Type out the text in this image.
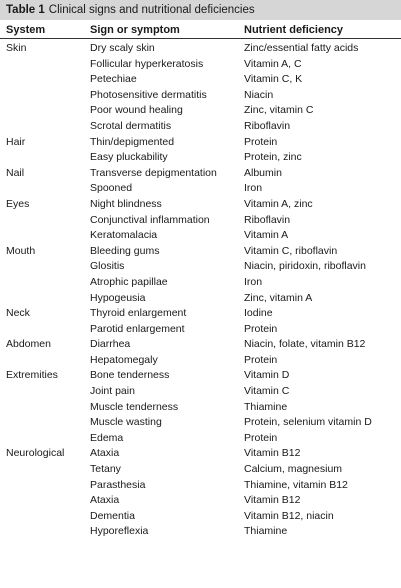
Table 1 Clinical signs and nutritional deficiencies
System	Sign or symptom	Nutrient deficiency
Skin	Dry scaly skin	Zinc/essential fatty acids
	Follicular hyperkeratosis	Vitamin A, C
	Petechiae	Vitamin C, K
	Photosensitive dermatitis	Niacin
	Poor wound healing	Zinc, vitamin C
	Scrotal dermatitis	Riboflavin
Hair	Thin/depigmented	Protein
	Easy pluckability	Protein, zinc
Nail	Transverse depigmentation	Albumin
	Spooned	Iron
Eyes	Night blindness	Vitamin A, zinc
	Conjunctival inflammation	Riboflavin
	Keratomalacia	Vitamin A
Mouth	Bleeding gums	Vitamin C, riboflavin
	Glositis	Niacin, piridoxin, riboflavin
	Atrophic papillae	Iron
	Hypogeusia	Zinc, vitamin A
Neck	Thyroid enlargement	Iodine
	Parotid enlargement	Protein
Abdomen	Diarrhea	Niacin, folate, vitamin B12
	Hepatomegaly	Protein
Extremities	Bone tenderness	Vitamin D
	Joint pain	Vitamin C
	Muscle tenderness	Thiamine
	Muscle wasting	Protein, selenium vitamin D
	Edema	Protein
Neurological	Ataxia	Vitamin B12
	Tetany	Calcium, magnesium
	Parasthesia	Thiamine, vitamin B12
	Ataxia	Vitamin B12
	Dementia	Vitamin B12, niacin
	Hyporeflexia	Thiamine
